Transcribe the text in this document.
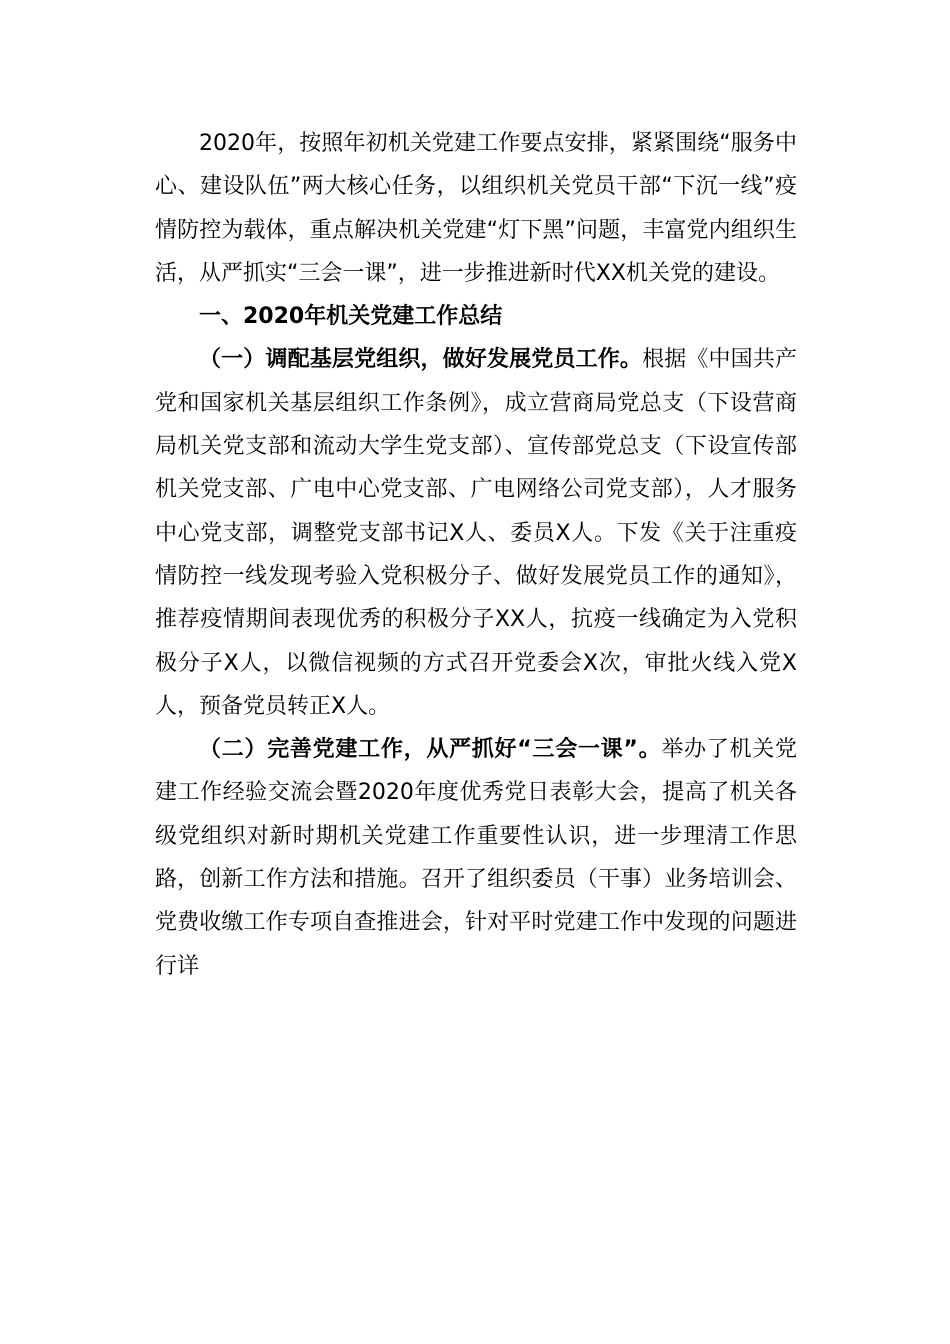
2020年，按照年初机关党建工作要点安排，紧紧围绕“服务中心、建设队伍”两大核心任务，以组织机关党员干部“下沉一线”疫情防控为载体，重点解决机关党建“灯下黑”问题，丰富党内组织生活，从严抓实“三会一课”，进一步推进新时代XX机关党的建设。

一、2020年机关党建工作总结

（一）调配基层党组织，做好发展党员工作。根据《中国共产党和国家机关基层组织工作条例》，成立营商局党总支（下设营商局机关党支部和流动大学生党支部）、宣传部党总支（下设宣传部机关党支部、广电中心党支部、广电网络公司党支部），人才服务中心党支部，调整党支部书记X人、委员X人。下发《关于注重疫情防控一线发现考验入党积极分子、做好发展党员工作的通知》，推荐疫情期间表现优秀的积极分子XX人，抗疫一线确定为入党积极分子X人，以微信视频的方式召开党委会X次，审批火线入党X人，预备党员转正X人。

（二）完善党建工作，从严抓好“三会一课”。举办了机关党建工作经验交流会暨2020年度优秀党日表彰大会，提高了机关各级党组织对新时期机关党建工作重要性认识，进一步理清工作思路，创新工作方法和措施。召开了组织委员（干事）业务培训会、党费收缴工作专项自查推进会，针对平时党建工作中发现的问题进行详
